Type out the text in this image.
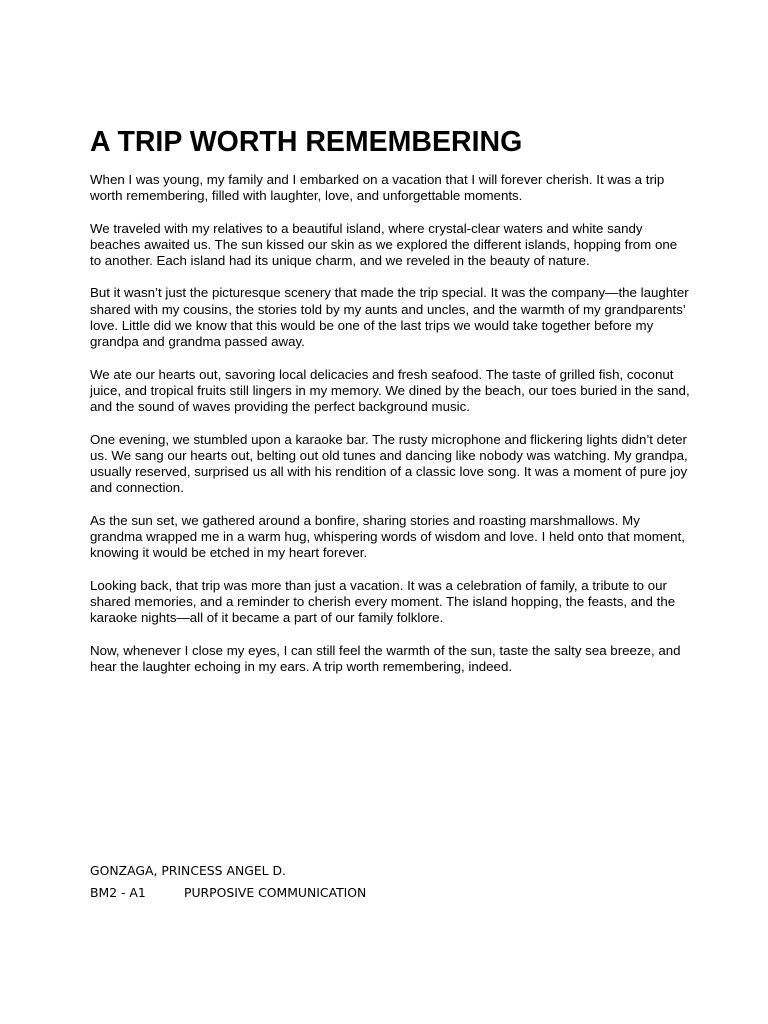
A TRIP WORTH REMEMBERING

When I was young, my family and I embarked on a vacation that I will forever cherish. It was a trip worth remembering, filled with laughter, love, and unforgettable moments.

We traveled with my relatives to a beautiful island, where crystal-clear waters and white sandy beaches awaited us. The sun kissed our skin as we explored the different islands, hopping from one to another. Each island had its unique charm, and we reveled in the beauty of nature.

But it wasn’t just the picturesque scenery that made the trip special. It was the company—the laughter shared with my cousins, the stories told by my aunts and uncles, and the warmth of my grandparents’ love. Little did we know that this would be one of the last trips we would take together before my grandpa and grandma passed away.

We ate our hearts out, savoring local delicacies and fresh seafood. The taste of grilled fish, coconut juice, and tropical fruits still lingers in my memory. We dined by the beach, our toes buried in the sand, and the sound of waves providing the perfect background music.

One evening, we stumbled upon a karaoke bar. The rusty microphone and flickering lights didn’t deter us. We sang our hearts out, belting out old tunes and dancing like nobody was watching. My grandpa, usually reserved, surprised us all with his rendition of a classic love song. It was a moment of pure joy and connection.

As the sun set, we gathered around a bonfire, sharing stories and roasting marshmallows. My grandma wrapped me in a warm hug, whispering words of wisdom and love. I held onto that moment, knowing it would be etched in my heart forever.

Looking back, that trip was more than just a vacation. It was a celebration of family, a tribute to our shared memories, and a reminder to cherish every moment. The island hopping, the feasts, and the karaoke nights—all of it became a part of our family folklore.

Now, whenever I close my eyes, I can still feel the warmth of the sun, taste the salty sea breeze, and hear the laughter echoing in my ears. A trip worth remembering, indeed.

GONZAGA, PRINCESS ANGEL D.
BM2 - A1	PURPOSIVE COMMUNICATION
